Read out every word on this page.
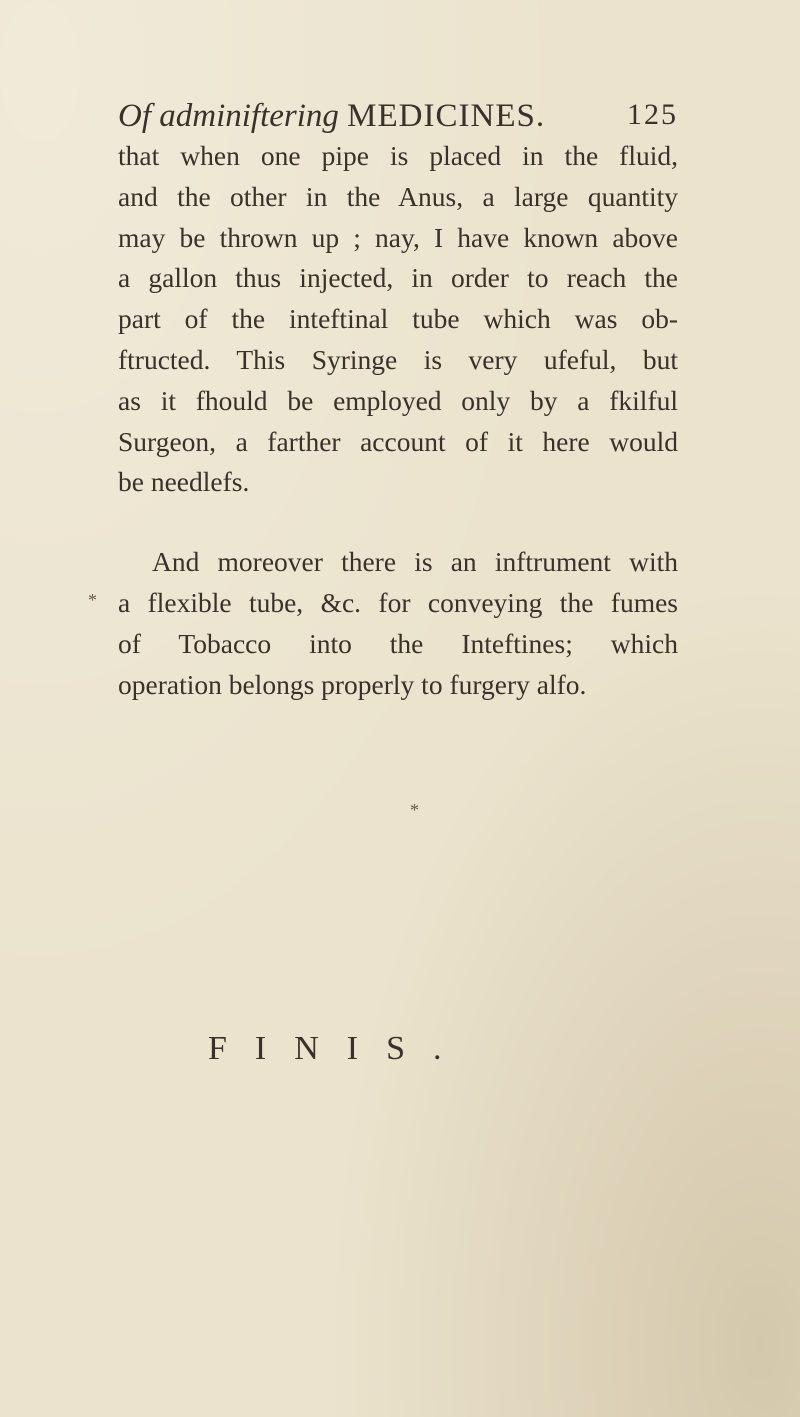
Of adminiftering MEDICINES.	125

that when one pipe is placed in the fluid,
and the other in the Anus, a large quantity
may be thrown up ; nay, I have known above
a gallon thus injected, in order to reach the
part of the inteftinal tube which was ob-
ftructed. This Syringe is very ufeful, but
as it fhould be employed only by a fkilful
Surgeon, a farther account of it here would
be needlefs.

And moreover there is an inftrument with
a flexible tube, &c. for conveying the fumes
of Tobacco into the Inteftines; which
operation belongs properly to furgery alfo.

FINIS.
*
*
